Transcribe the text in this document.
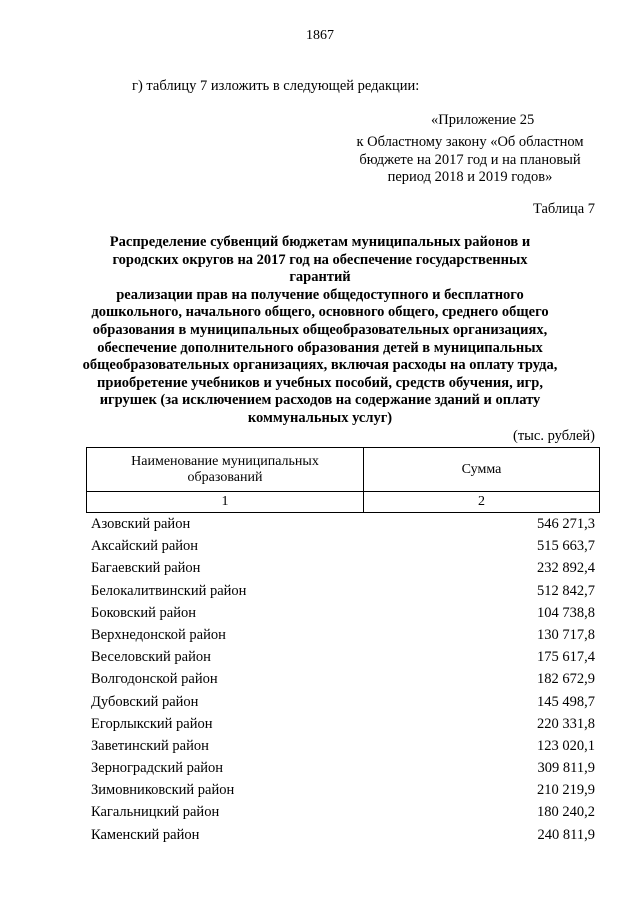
1867
г) таблицу 7 изложить в следующей редакции:
«Приложение 25
к Областному закону «Об областном
бюджете на 2017 год и на плановый
период 2018 и 2019 годов»
Таблица 7
Распределение субвенций бюджетам муниципальных районов и
городских округов на 2017 год на обеспечение государственных гарантий
реализации прав на получение общедоступного и бесплатного
дошкольного, начального общего, основного общего, среднего общего
образования в муниципальных общеобразовательных организациях,
обеспечение дополнительного образования детей в муниципальных
общеобразовательных организациях, включая расходы на оплату труда,
приобретение учебников и учебных пособий, средств обучения, игр,
игрушек (за исключением расходов на содержание зданий и оплату
коммунальных услуг)
(тыс. рублей)
Наименование муниципальных
образований	Сумма
1	2
Азовский район	546 271,3
Аксайский район	515 663,7
Багаевский район	232 892,4
Белокалитвинский район	512 842,7
Боковский район	104 738,8
Верхнедонской район	130 717,8
Веселовский район	175 617,4
Волгодонской район	182 672,9
Дубовский район	145 498,7
Егорлыкский район	220 331,8
Заветинский район	123 020,1
Зерноградский район	309 811,9
Зимовниковский район	210 219,9
Кагальницкий район	180 240,2
Каменский район	240 811,9
